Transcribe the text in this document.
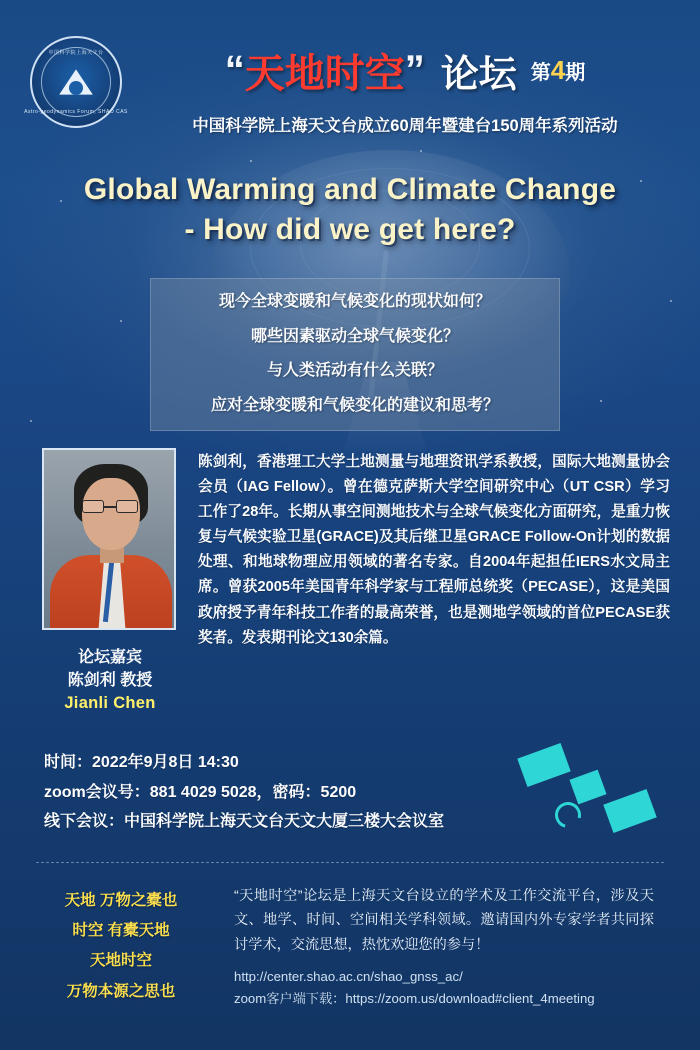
中国科学院上海天文台
Astro-geodynamics Forum, SHAO CAS
“天地时空” 论坛 第4期
中国科学院上海天文台成立60周年暨建台150周年系列活动
Global Warming and Climate Change
- How did we get here?
现今全球变暖和气候变化的现状如何？
哪些因素驱动全球气候变化？
与人类活动有什么关联？
应对全球变暖和气候变化的建议和思考？
论坛嘉宾
陈剑利 教授
Jianli Chen
陈剑利，香港理工大学土地测量与地理资讯学系教授，国际大地测量协会会员（IAG Fellow）。曾在德克萨斯大学空间研究中心（UT CSR）学习工作了28年。长期从事空间测地技术与全球气候变化方面研究，是重力恢复与气候实验卫星(GRACE)及其后继卫星GRACE Follow-On计划的数据处理、和地球物理应用领域的著名专家。自2004年起担任IERS水文局主席。曾获2005年美国青年科学家与工程师总统奖（PECASE），这是美国政府授予青年科技工作者的最高荣誉，也是测地学领域的首位PECASE获奖者。发表期刊论文130余篇。
时间：2022年9月8日 14:30
zoom会议号：881 4029 5028，密码：5200
线下会议：中国科学院上海天文台天文大厦三楼大会议室
天地 万物之橐也
时空 有橐天地
天地时空
万物本源之思也
“天地时空”论坛是上海天文台设立的学术及工作交流平台，涉及天文、地学、时间、空间相关学科领域。邀请国内外专家学者共同探讨学术，交流思想，热忱欢迎您的参与！
http://center.shao.ac.cn/shao_gnss_ac/
zoom客户端下载：https://zoom.us/download#client_4meeting
